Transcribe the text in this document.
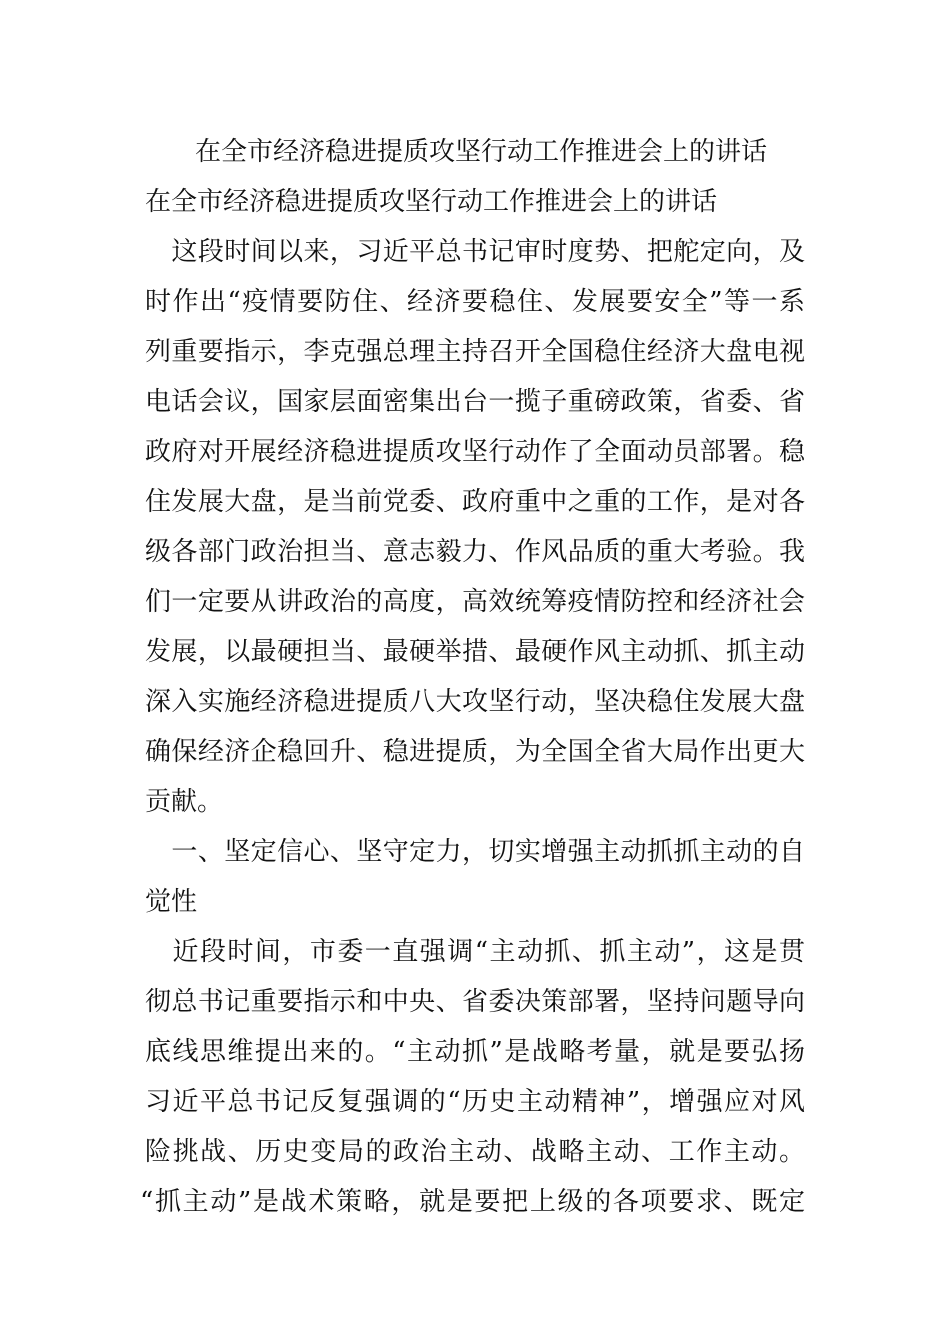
在全市经济稳进提质攻坚行动工作推进会上的讲话
在全市经济稳进提质攻坚行动工作推进会上的讲话
　这段时间以来，习近平总书记审时度势、把舵定向，及
时作出“疫情要防住、经济要稳住、发展要安全”等一系
列重要指示，李克强总理主持召开全国稳住经济大盘电视
电话会议，国家层面密集出台一揽子重磅政策，省委、省
政府对开展经济稳进提质攻坚行动作了全面动员部署。稳
住发展大盘，是当前党委、政府重中之重的工作，是对各
级各部门政治担当、意志毅力、作风品质的重大考验。我
们一定要从讲政治的高度，高效统筹疫情防控和经济社会
发展，以最硬担当、最硬举措、最硬作风主动抓、抓主动
深入实施经济稳进提质八大攻坚行动，坚决稳住发展大盘
确保经济企稳回升、稳进提质，为全国全省大局作出更大
贡献。
　一、坚定信心、坚守定力，切实增强主动抓抓主动的自
觉性
　近段时间，市委一直强调“主动抓、抓主动”，这是贯
彻总书记重要指示和中央、省委决策部署，坚持问题导向
底线思维提出来的。“主动抓”是战略考量，就是要弘扬
习近平总书记反复强调的“历史主动精神”，增强应对风
险挑战、历史变局的政治主动、战略主动、工作主动。
“抓主动”是战术策略，就是要把上级的各项要求、既定
